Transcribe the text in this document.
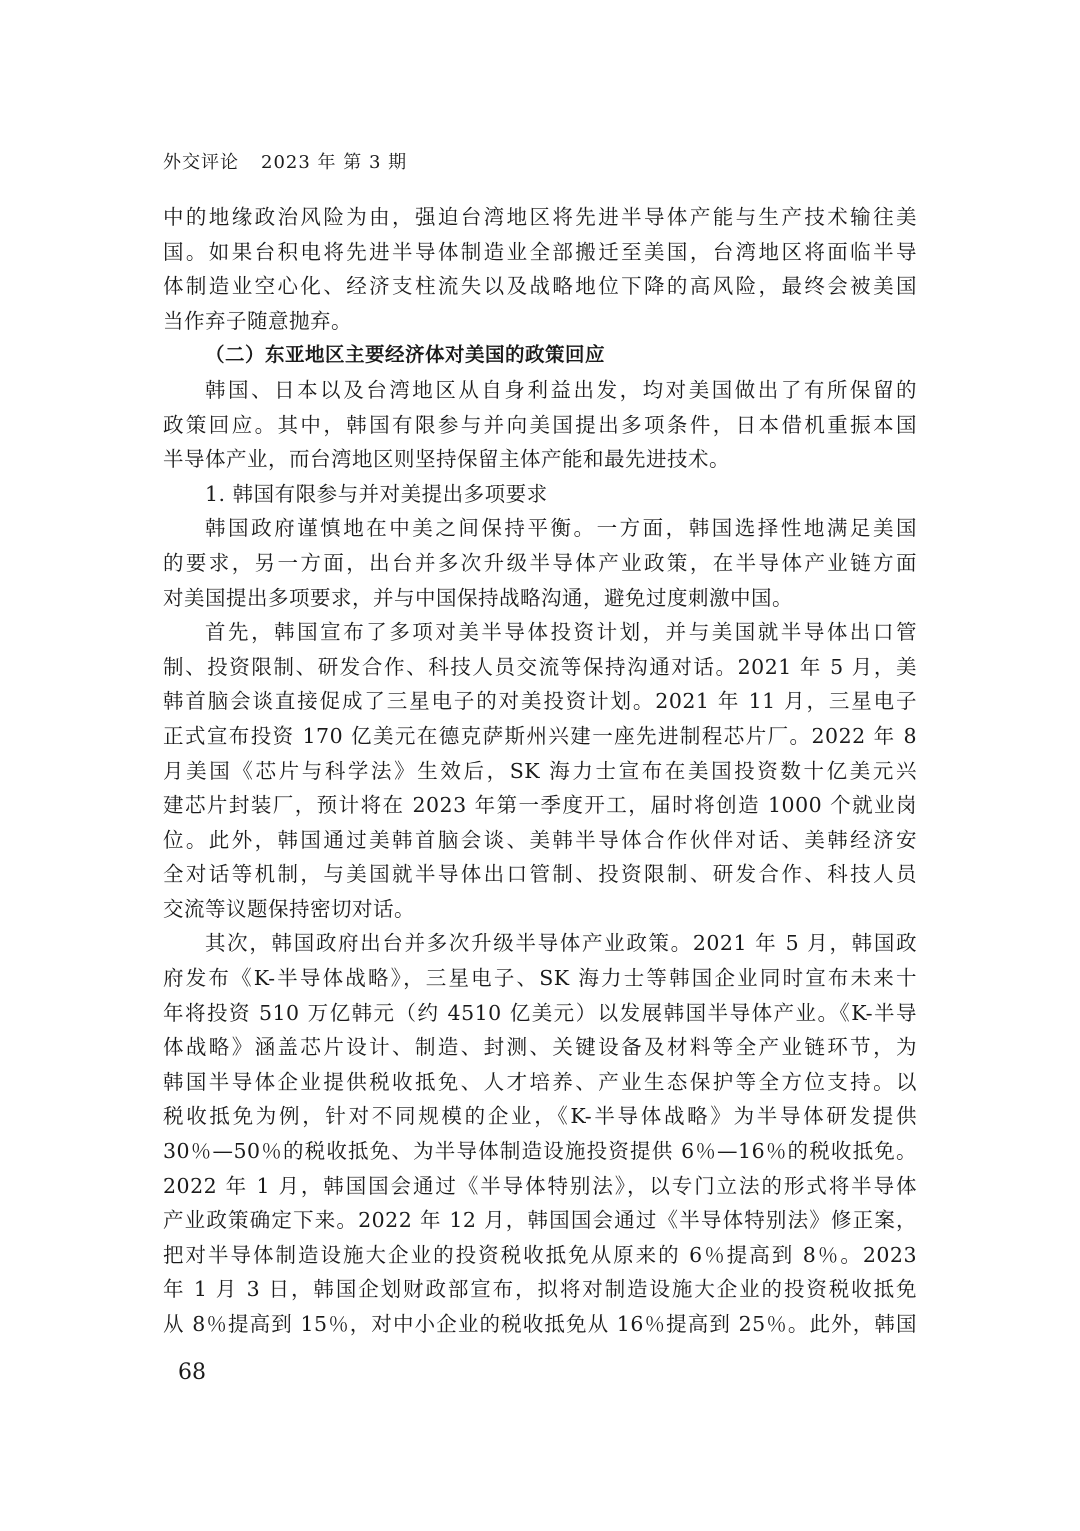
外交评论 2023 年 第 3 期
中的地缘政治风险为由，强迫台湾地区将先进半导体产能与生产技术输往美
国。如果台积电将先进半导体制造业全部搬迁至美国，台湾地区将面临半导
体制造业空心化、经济支柱流失以及战略地位下降的高风险，最终会被美国
当作弃子随意抛弃。
（二）东亚地区主要经济体对美国的政策回应
韩国、日本以及台湾地区从自身利益出发，均对美国做出了有所保留的
政策回应。其中，韩国有限参与并向美国提出多项条件，日本借机重振本国
半导体产业，而台湾地区则坚持保留主体产能和最先进技术。
1. 韩国有限参与并对美提出多项要求
韩国政府谨慎地在中美之间保持平衡。一方面，韩国选择性地满足美国
的要求，另一方面，出台并多次升级半导体产业政策，在半导体产业链方面
对美国提出多项要求，并与中国保持战略沟通，避免过度刺激中国。
首先，韩国宣布了多项对美半导体投资计划，并与美国就半导体出口管
制、投资限制、研发合作、科技人员交流等保持沟通对话。2021 年 5 月，美
韩首脑会谈直接促成了三星电子的对美投资计划。2021 年 11 月，三星电子
正式宣布投资 170 亿美元在德克萨斯州兴建一座先进制程芯片厂。2022 年 8
月美国《芯片与科学法》生效后，SK 海力士宣布在美国投资数十亿美元兴
建芯片封装厂，预计将在 2023 年第一季度开工，届时将创造 1000 个就业岗
位。此外，韩国通过美韩首脑会谈、美韩半导体合作伙伴对话、美韩经济安
全对话等机制，与美国就半导体出口管制、投资限制、研发合作、科技人员
交流等议题保持密切对话。
其次，韩国政府出台并多次升级半导体产业政策。2021 年 5 月，韩国政
府发布《K-半导体战略》，三星电子、SK 海力士等韩国企业同时宣布未来十
年将投资 510 万亿韩元（约 4510 亿美元）以发展韩国半导体产业。《K-半导
体战略》涵盖芯片设计、制造、封测、关键设备及材料等全产业链环节，为
韩国半导体企业提供税收抵免、人才培养、产业生态保护等全方位支持。以
税收抵免为例，针对不同规模的企业，《K-半导体战略》为半导体研发提供
30％—50％的税收抵免、为半导体制造设施投资提供 6％—16％的税收抵免。
2022 年 1 月，韩国国会通过《半导体特别法》，以专门立法的形式将半导体
产业政策确定下来。2022 年 12 月，韩国国会通过《半导体特别法》修正案，
把对半导体制造设施大企业的投资税收抵免从原来的 6％提高到 8％。2023
年 1 月 3 日，韩国企划财政部宣布，拟将对制造设施大企业的投资税收抵免
从 8％提高到 15％，对中小企业的税收抵免从 16％提高到 25％。此外，韩国
68
